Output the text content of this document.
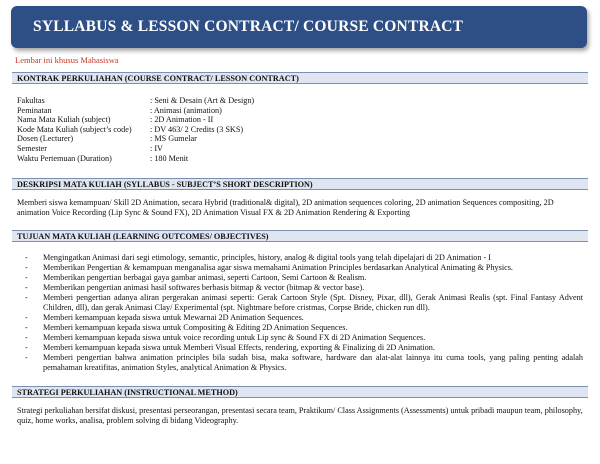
SYLLABUS & LESSON CONTRACT/ COURSE CONTRACT
Lembar ini khusus Mahasiswa
KONTRAK PERKULIAHAN (COURSE CONTRACT/ LESSON CONTRACT)
Fakultas	: Seni & Desain (Art & Design)
Peminatan	: Animasi (animation)
Nama Mata Kuliah (subject)	: 2D Animation - II
Kode Mata Kuliah (subject’s code)	: DV 463/ 2 Credits (3 SKS)
Dosen (Lecturer)	: MS Gumelar
Semester	: IV
Waktu Pertemuan (Duration)	: 180 Menit
DESKRIPSI MATA KULIAH (SYLLABUS - SUBJECT’S SHORT DESCRIPTION)
Memberi siswa kemampuan/ Skill 2D Animation, secara Hybrid (traditional& digital), 2D animation sequences coloring, 2D animation Sequences compositing, 2D animation Voice Recording (Lip Sync & Sound FX), 2D Animation Visual FX & 2D Animation Rendering & Exporting
TUJUAN MATA KULIAH (LEARNING OUTCOMES/ OBJECTIVES)
- Mengingatkan Animasi dari segi etimology, semantic, principles, history, analog & digital tools yang telah dipelajari di 2D Animation - I
- Memberikan Pengertian & kemampuan menganalisa agar siswa memahami Animation Principles berdasarkan Analytical Animating & Physics.
- Memberikan pengertian berbagai gaya gambar animasi, seperti Cartoon, Semi Cartoon & Realism.
- Memberikan pengertian animasi hasil softwares berbasis bitmap & vector (bitmap & vector base).
- Memberi pengertian adanya aliran pergerakan animasi seperti: Gerak Cartoon Style (Spt. Disney, Pixar, dll), Gerak Animasi Realis (spt. Final Fantasy Advent Children, dll), dan gerak Animasi Clay/ Experimental (spt. Nightmare before cristmas, Corpse Bride, chicken run dll).
- Memberi kemampuan kepada siswa untuk Mewarnai 2D Animation Sequences.
- Memberi kemampuan kepada siswa untuk Compositing & Editing 2D Animation Sequences.
- Memberi kemampuan kepada siswa untuk voice recording untuk Lip sync & Sound FX di 2D Animation Sequences.
- Memberi kemampuan kepada siswa untuk Memberi Visual Effects, rendering, exporting & Finalizing di 2D Animation.
- Memberi pengertian bahwa animation principles bila sudah bisa, maka software, hardware dan alat-alat lainnya itu cuma tools, yang paling penting adalah pemahaman kreatifitas, animation Styles, analytical Animation & Physics.
STRATEGI PERKULIAHAN (INSTRUCTIONAL METHOD)
Strategi perkuliahan bersifat diskusi, presentasi perseorangan, presentasi secara team, Praktikum/ Class Assignments (Assessments) untuk pribadi maupun team, philosophy, quiz, home works, analisa, problem solving di bidang Videography.
